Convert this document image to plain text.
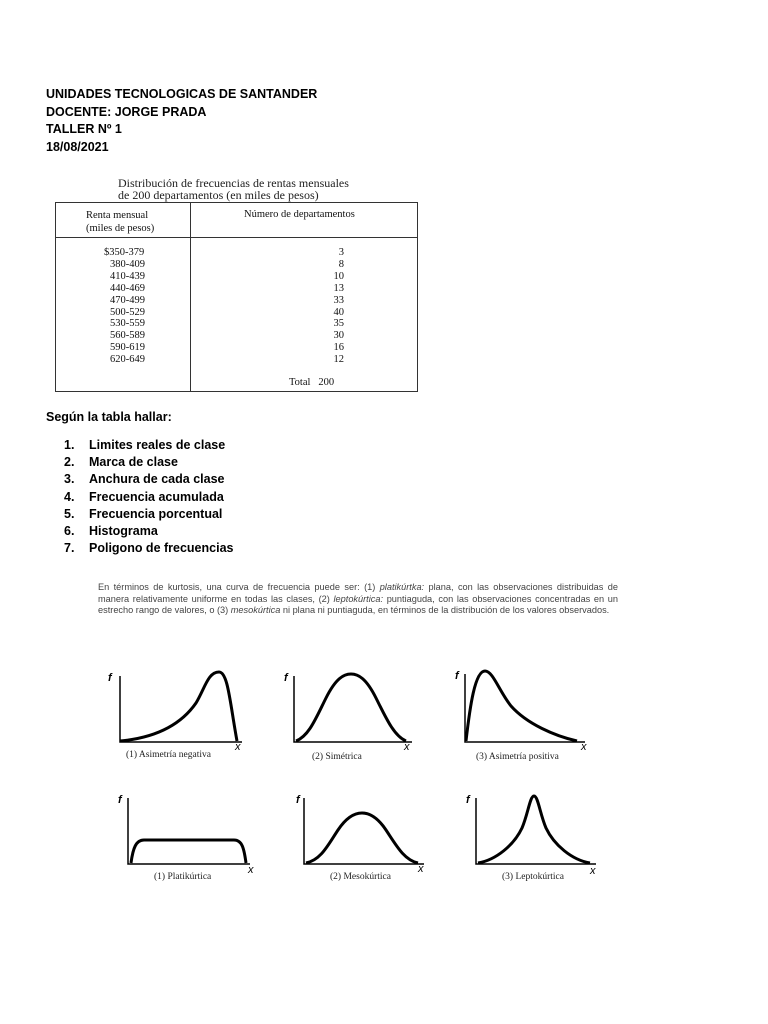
UNIDADES TECNOLOGICAS DE SANTANDER
DOCENTE: JORGE PRADA
TALLER Nº 1
18/08/2021
Distribución de frecuencias de rentas mensuales
de 200 departamentos (en miles de pesos)
Renta mensual
(miles de pesos)
Número de departamentos
$350-379
380-409
410-439
440-469
470-499
500-529
530-559
560-589
590-619
620-649
3
8
10
13
33
40
35
30
16
12
Total 200
Según la tabla hallar:
1. Limites reales de clase
2. Marca de clase
3. Anchura de cada clase
4. Frecuencia acumulada
5. Frecuencia porcentual
6. Histograma
7. Poligono de frecuencias
En términos de kurtosis, una curva de frecuencia puede ser: (1) platikúrtka: plana, con las observaciones distribuidas de manera relativamente uniforme en todas las clases, (2) leptokúrtica: puntiaguda, con las observaciones concentradas en un estrecho rango de valores, o (3) mesokúrtica ni plana ni puntiaguda, en términos de la distribución de los valores observados.
f
x
(1) Asimetría negativa
f
x
(2) Simétrica
f
x
(3) Asimetría positiva
f
x
(1) Platikúrtica
f
x
(2) Mesokúrtica
f
x
(3) Leptokúrtica
